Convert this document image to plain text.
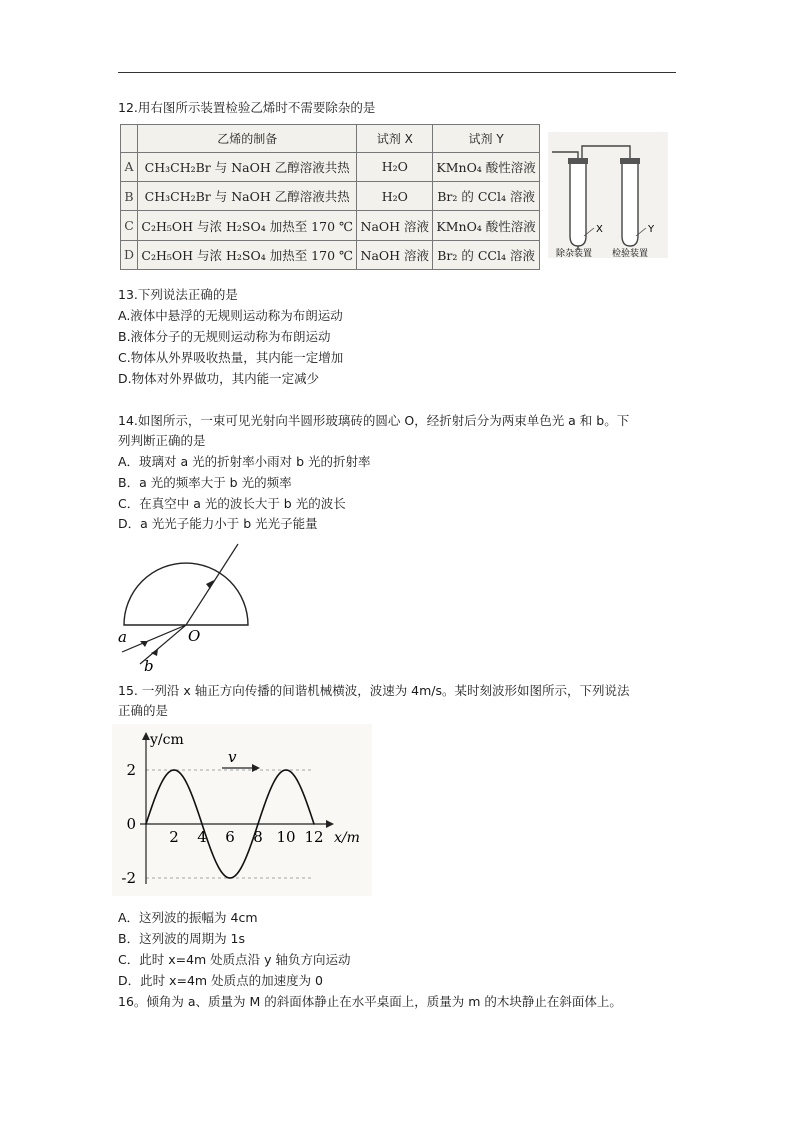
12.用右图所示装置检验乙烯时不需要除杂的是
	乙烯的制备	试剂 X	试剂 Y
A	CH₃CH₂Br 与 NaOH 乙醇溶液共热	H₂O	KMnO₄ 酸性溶液
B	CH₃CH₂Br 与 NaOH 乙醇溶液共热	H₂O	Br₂ 的 CCl₄ 溶液
C	C₂H₅OH 与浓 H₂SO₄ 加热至 170 ℃	NaOH 溶液	KMnO₄ 酸性溶液
D	C₂H₅OH 与浓 H₂SO₄ 加热至 170 ℃	NaOH 溶液	Br₂ 的 CCl₄ 溶液
X	Y
除杂装置 检验装置
13.下列说法正确的是
A.液体中悬浮的无规则运动称为布朗运动
B.液体分子的无规则运动称为布朗运动
C.物体从外界吸收热量，其内能一定增加
D.物体对外界做功，其内能一定减少
14.如图所示，一束可见光射向半圆形玻璃砖的圆心 O，经折射后分为两束单色光 a 和 b。下
列判断正确的是
A．玻璃对 a 光的折射率小雨对 b 光的折射率
B．a 光的频率大于 b 光的频率
C．在真空中 a 光的波长大于 b 光的波长
D．a 光光子能力小于 b 光光子能量
a
b
O
15. 一列沿 x 轴正方向传播的间谐机械横波，波速为 4m/s。某时刻波形如图所示，下列说法
正确的是
y/cm
x/m
2 4 6 8 10 12
2
0
-2
v
A．这列波的振幅为 4cm
B．这列波的周期为 1s
C．此时 x=4m 处质点沿 y 轴负方向运动
D．此时 x=4m 处质点的加速度为 0
16。倾角为 a、质量为 M 的斜面体静止在水平桌面上，质量为 m 的木块静止在斜面体上。
